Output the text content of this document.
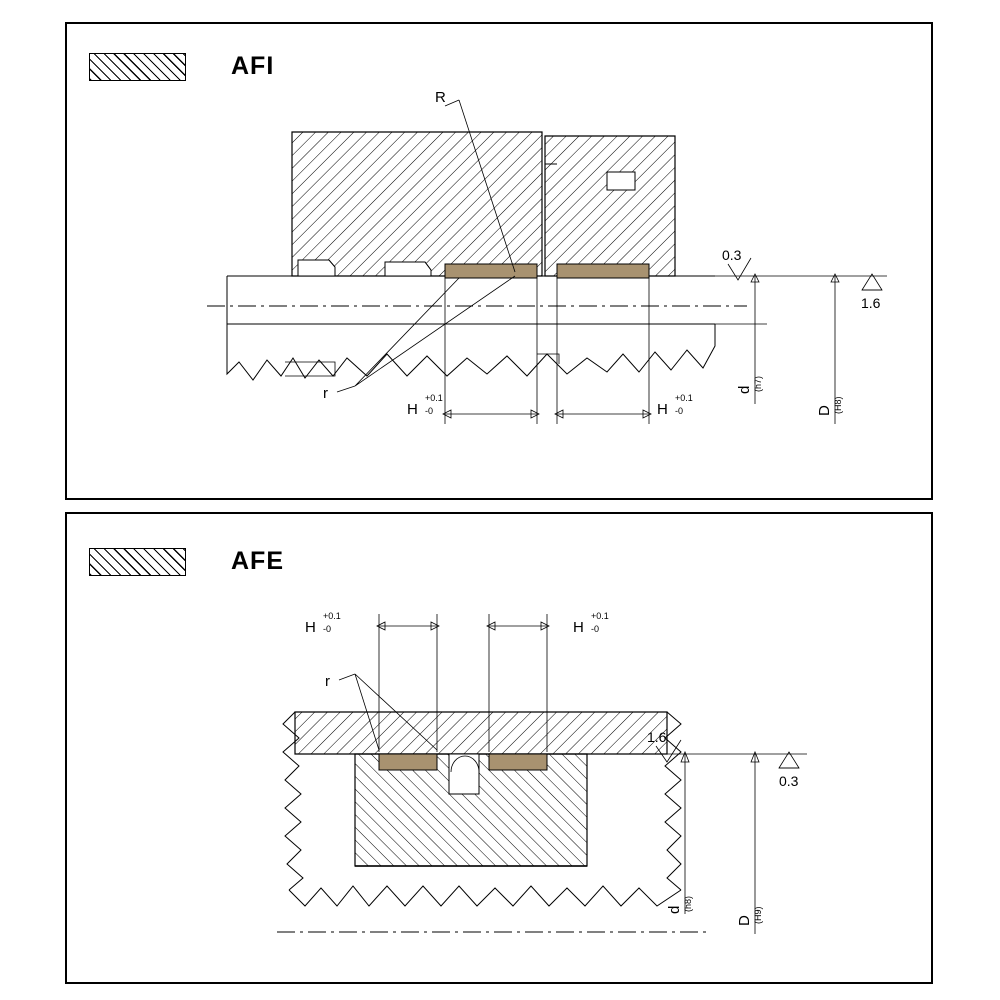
AFI
d (h7)
D (H8)
0.3
1.6
R
r
H
+0.1
-0	H
+0.1
-0
AFE
1.6
0.3
d (h8)
D (H9)
H
+0.1
-0	H
+0.1
-0
r
